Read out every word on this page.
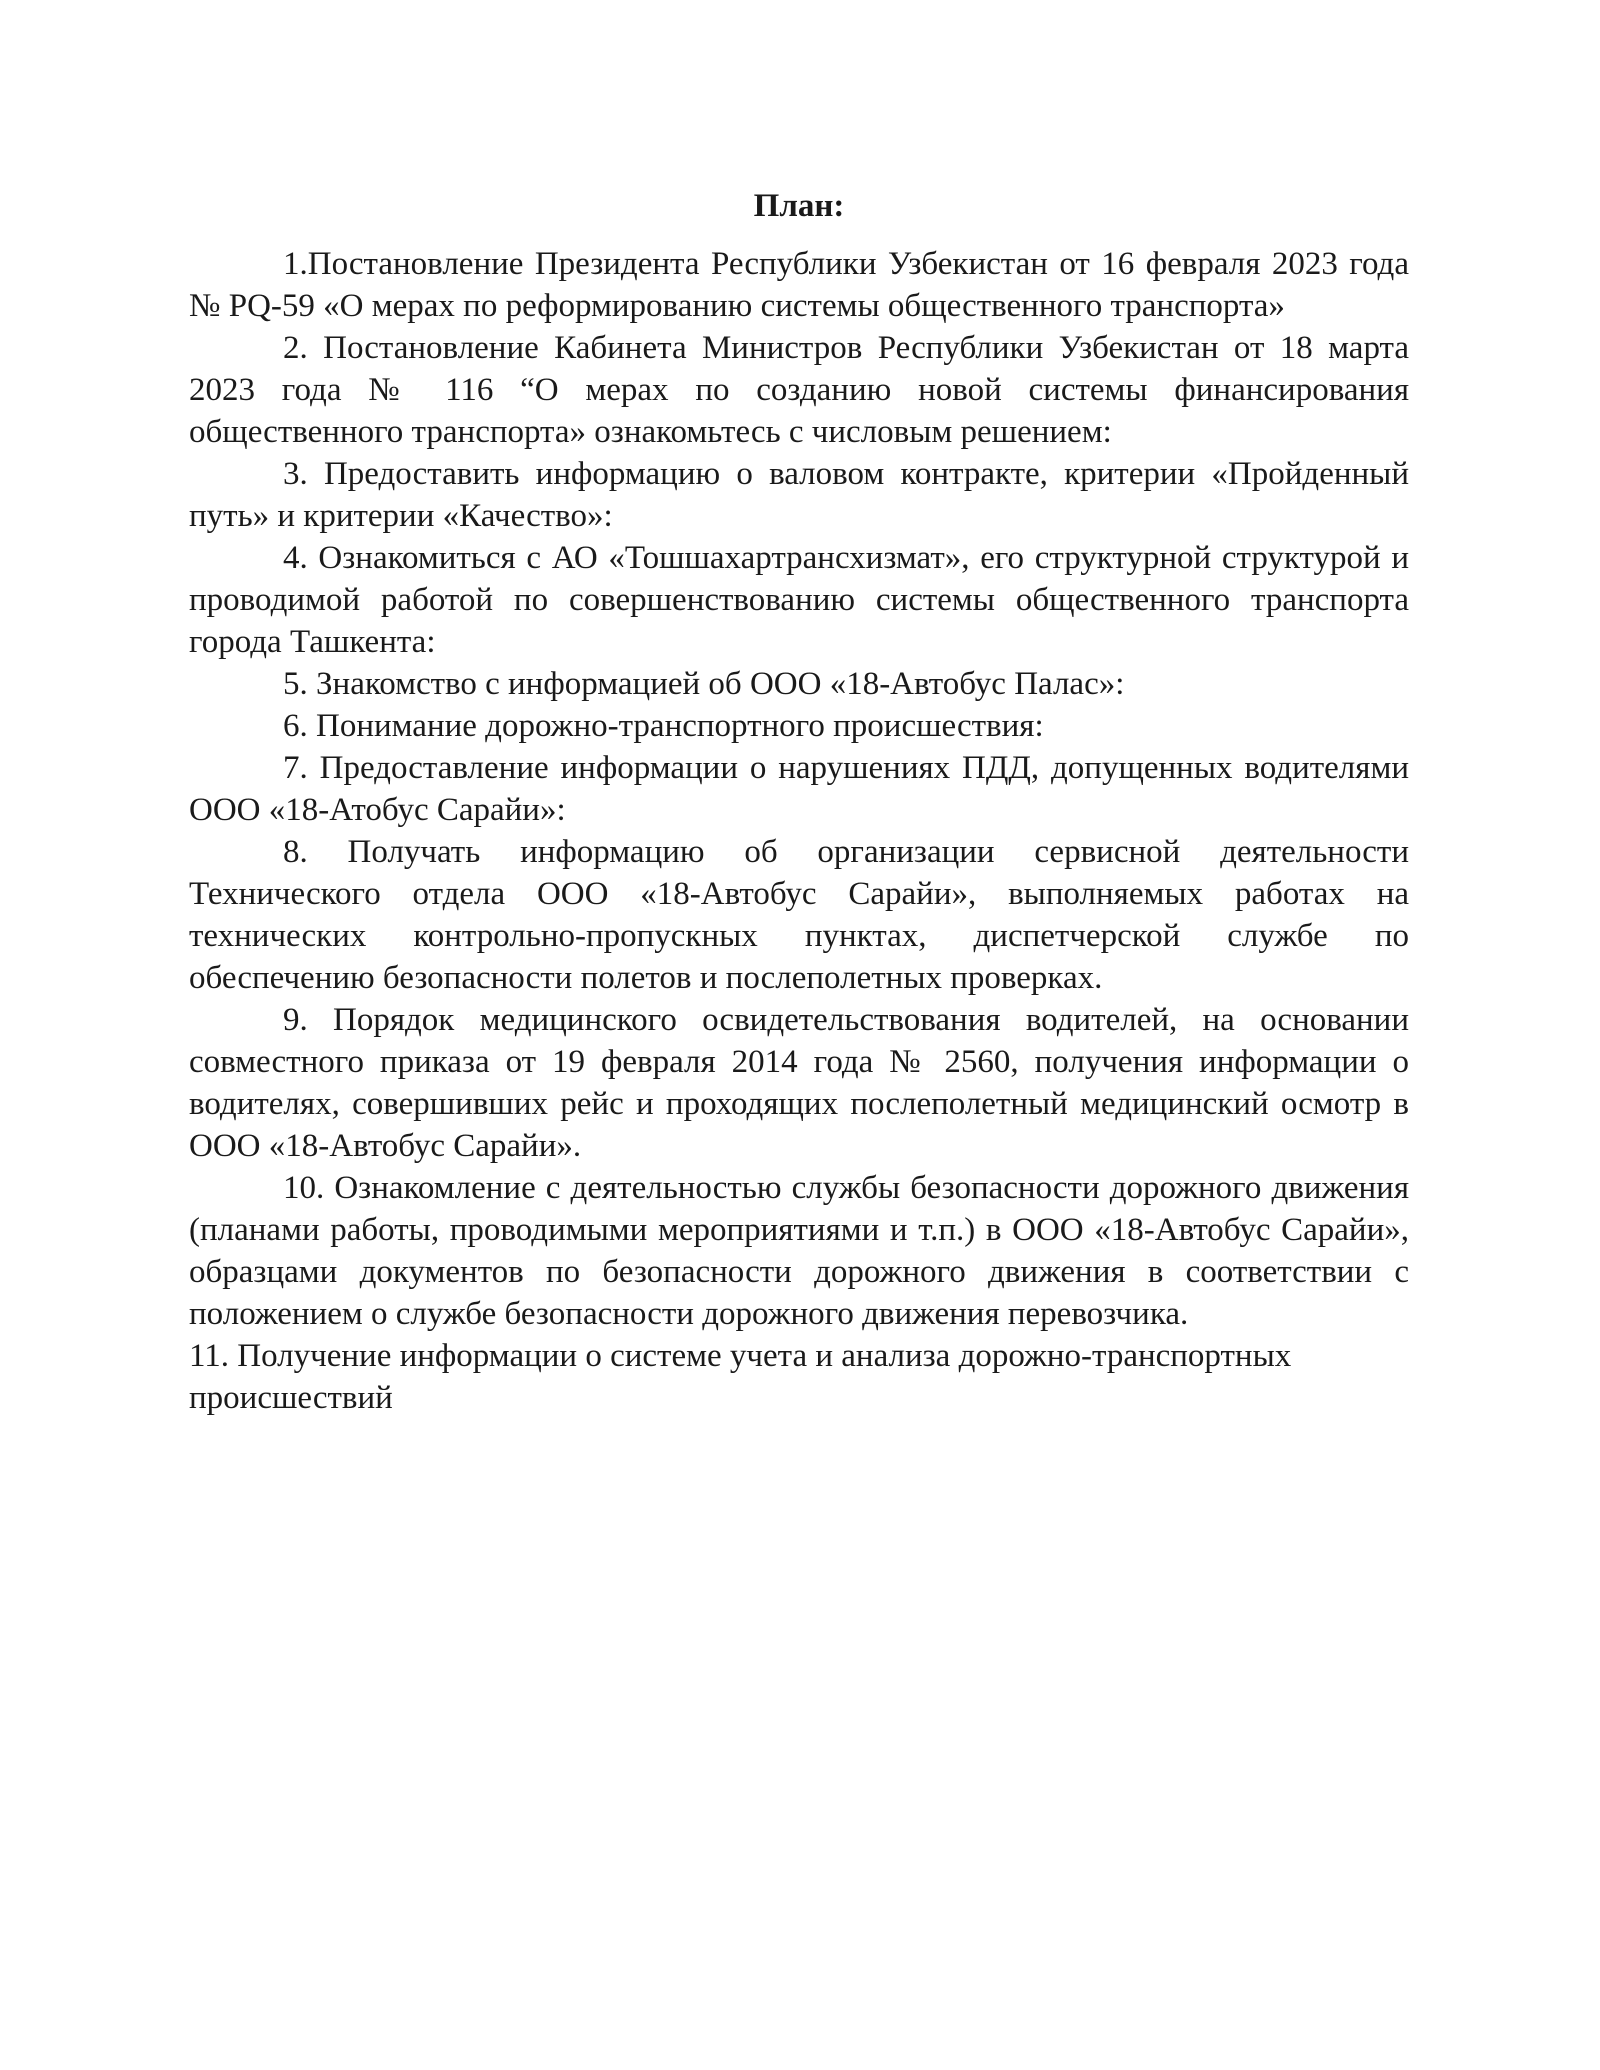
План:

1.Постановление Президента Республики Узбекистан от 16 февраля 2023 года № PQ-59 «О мерах по реформированию системы общественного транспорта»

2. Постановление Кабинета Министров Республики Узбекистан от 18 марта 2023 года № 116 “О мерах по созданию новой системы финансирования общественного транспорта» ознакомьтесь с числовым решением:

3. Предоставить информацию о валовом контракте, критерии «Пройденный путь» и критерии «Качество»:

4. Ознакомиться с АО «Тошшахартрансхизмат», его структурной структурой и проводимой работой по совершенствованию системы общественного транспорта города Ташкента:

5. Знакомство с информацией об ООО «18-Автобус Палас»:

6. Понимание дорожно-транспортного происшествия:

7. Предоставление информации о нарушениях ПДД, допущенных водителями ООО «18-Атобус Сарайи»:

8. Получать информацию об организации сервисной деятельности Технического отдела ООО «18-Автобус Сарайи», выполняемых работах на технических контрольно-пропускных пунктах, диспетчерской службе по обеспечению безопасности полетов и послеполетных проверках.

9. Порядок медицинского освидетельствования водителей, на основании совместного приказа от 19 февраля 2014 года № 2560, получения информации о водителях, совершивших рейс и проходящих послеполетный медицинский осмотр в ООО «18-Автобус Сарайи».

10. Ознакомление с деятельностью службы безопасности дорожного движения (планами работы, проводимыми мероприятиями и т.п.) в ООО «18-Автобус Сарайи», образцами документов по безопасности дорожного движения в соответствии с положением о службе безопасности дорожного движения перевозчика.

11. Получение информации о системе учета и анализа дорожно-транспортных происшествий
